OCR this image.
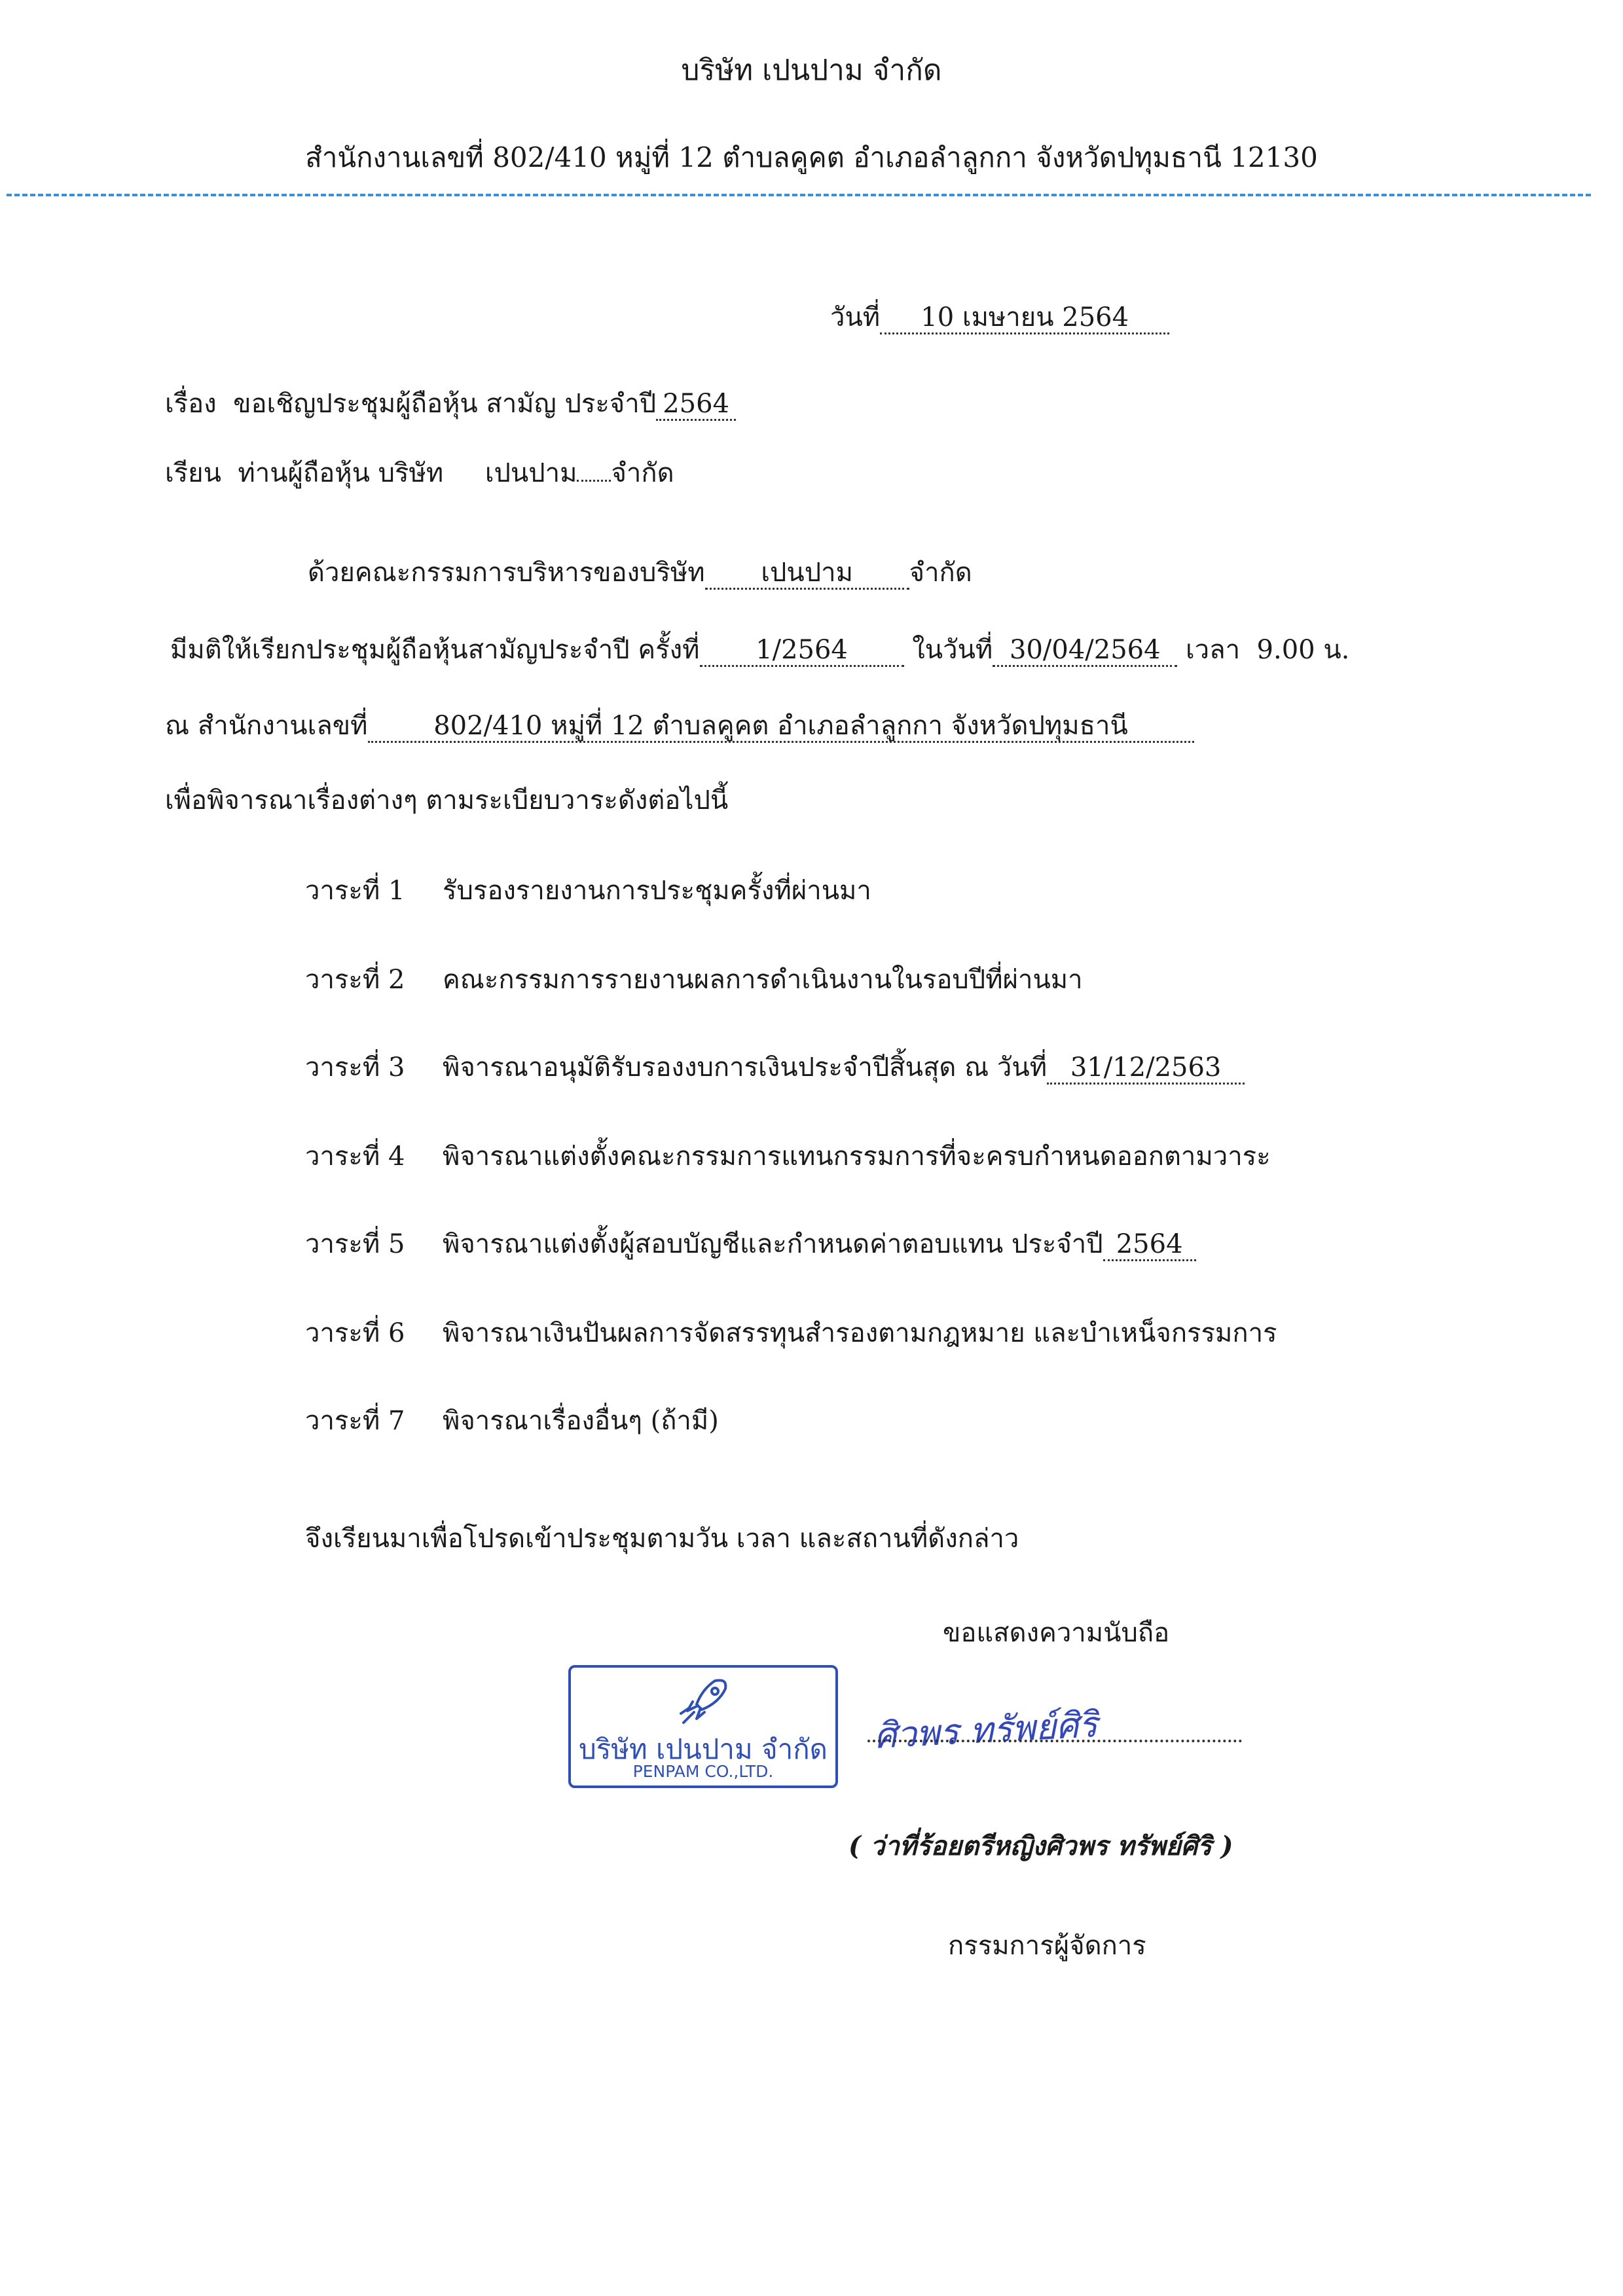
บริษัท เปนปาม จำกัด
สำนักงานเลขที่ 802/410 หมู่ที่ 12 ตำบลคูคต อำเภอลำลูกกา จังหวัดปทุมธานี 12130
วันที่ 10 เมษายน 2564
เรื่อง ขอเชิญประชุมผู้ถือหุ้น สามัญ ประจำปี 2564
เรียน ท่านผู้ถือหุ้น บริษัท เปนปาม จำกัด
ด้วยคณะกรรมการบริหารของบริษัท เปนปาม จำกัด
มีมติให้เรียกประชุมผู้ถือหุ้นสามัญประจำปี ครั้งที่ 1/2564 ในวันที่ 30/04/2564 เวลา 9.00 น.
ณ สำนักงานเลขที่	802/410 หมู่ที่ 12 ตำบลคูคต อำเภอลำลูกกา จังหวัดปทุมธานี
เพื่อพิจารณาเรื่องต่างๆ ตามระเบียบวาระดังต่อไปนี้
วาระที่ 1 รับรองรายงานการประชุมครั้งที่ผ่านมา
วาระที่ 2 คณะกรรมการรายงานผลการดำเนินงานในรอบปีที่ผ่านมา
วาระที่ 3 พิจารณาอนุมัติรับรองงบการเงินประจำปีสิ้นสุด ณ วันที่ 31/12/2563
วาระที่ 4 พิจารณาแต่งตั้งคณะกรรมการแทนกรรมการที่จะครบกำหนดออกตามวาระ
วาระที่ 5 พิจารณาแต่งตั้งผู้สอบบัญชีและกำหนดค่าตอบแทน ประจำปี 2564
วาระที่ 6 พิจารณาเงินปันผลการจัดสรรทุนสำรองตามกฎหมาย และบำเหน็จกรรมการ
วาระที่ 7 พิจารณาเรื่องอื่นๆ (ถ้ามี)
จึงเรียนมาเพื่อโปรดเข้าประชุมตามวัน เวลา และสถานที่ดังกล่าว
ขอแสดงความนับถือ
บริษัท เปนปาม จำกัด
PENPAM CO.,LTD.
ศิวพร ทรัพย์ศิริ
( ว่าที่ร้อยตรีหญิงศิวพร ทรัพย์ศิริ )
กรรมการผู้จัดการ
